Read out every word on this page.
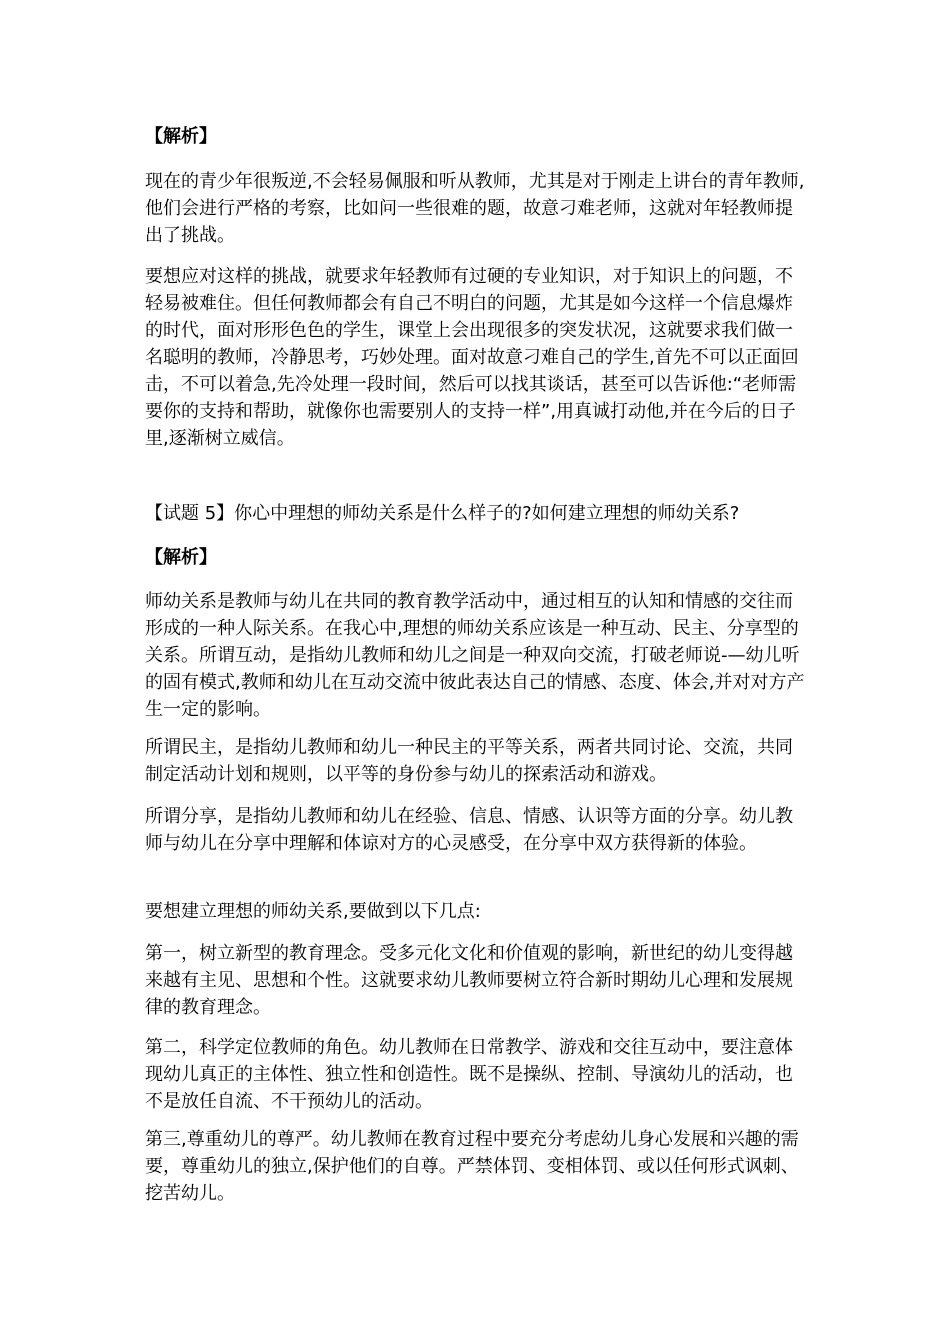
【解析】

现在的青少年很叛逆,不会轻易佩服和听从教师，尤其是对于刚走上讲台的青年教师,他们会进行严格的考察，比如问一些很难的题，故意刁难老师，这就对年轻教师提出了挑战。

要想应对这样的挑战，就要求年轻教师有过硬的专业知识，对于知识上的问题，不轻易被难住。但任何教师都会有自己不明白的问题，尤其是如今这样一个信息爆炸的时代，面对形形色色的学生，课堂上会出现很多的突发状况，这就要求我们做一名聪明的教师，冷静思考，巧妙处理。面对故意刁难自己的学生,首先不可以正面回击，不可以着急,先冷处理一段时间，然后可以找其谈话，甚至可以告诉他:“老师需要你的支持和帮助，就像你也需要别人的支持一样”,用真诚打动他,并在今后的日子里,逐渐树立威信。

【试题 5】你心中理想的师幼关系是什么样子的?如何建立理想的师幼关系?

【解析】

师幼关系是教师与幼儿在共同的教育教学活动中，通过相互的认知和情感的交往而形成的一种人际关系。在我心中,理想的师幼关系应该是一种互动、民主、分享型的关系。所谓互动，是指幼儿教师和幼儿之间是一种双向交流，打破老师说-—幼儿听的固有模式,教师和幼儿在互动交流中彼此表达自己的情感、态度、体会,并对对方产生一定的影响。

所谓民主，是指幼儿教师和幼儿一种民主的平等关系，两者共同讨论、交流，共同制定活动计划和规则，以平等的身份参与幼儿的探索活动和游戏。

所谓分享，是指幼儿教师和幼儿在经验、信息、情感、认识等方面的分享。幼儿教师与幼儿在分享中理解和体谅对方的心灵感受，在分享中双方获得新的体验。

要想建立理想的师幼关系,要做到以下几点:

第一，树立新型的教育理念。受多元化文化和价值观的影响，新世纪的幼儿变得越来越有主见、思想和个性。这就要求幼儿教师要树立符合新时期幼儿心理和发展规律的教育理念。

第二，科学定位教师的角色。幼儿教师在日常教学、游戏和交往互动中，要注意体现幼儿真正的主体性、独立性和创造性。既不是操纵、控制、导演幼儿的活动，也不是放任自流、不干预幼儿的活动。

第三,尊重幼儿的尊严。幼儿教师在教育过程中要充分考虑幼儿身心发展和兴趣的需要，尊重幼儿的独立,保护他们的自尊。严禁体罚、变相体罚、或以任何形式讽刺、挖苦幼儿。
